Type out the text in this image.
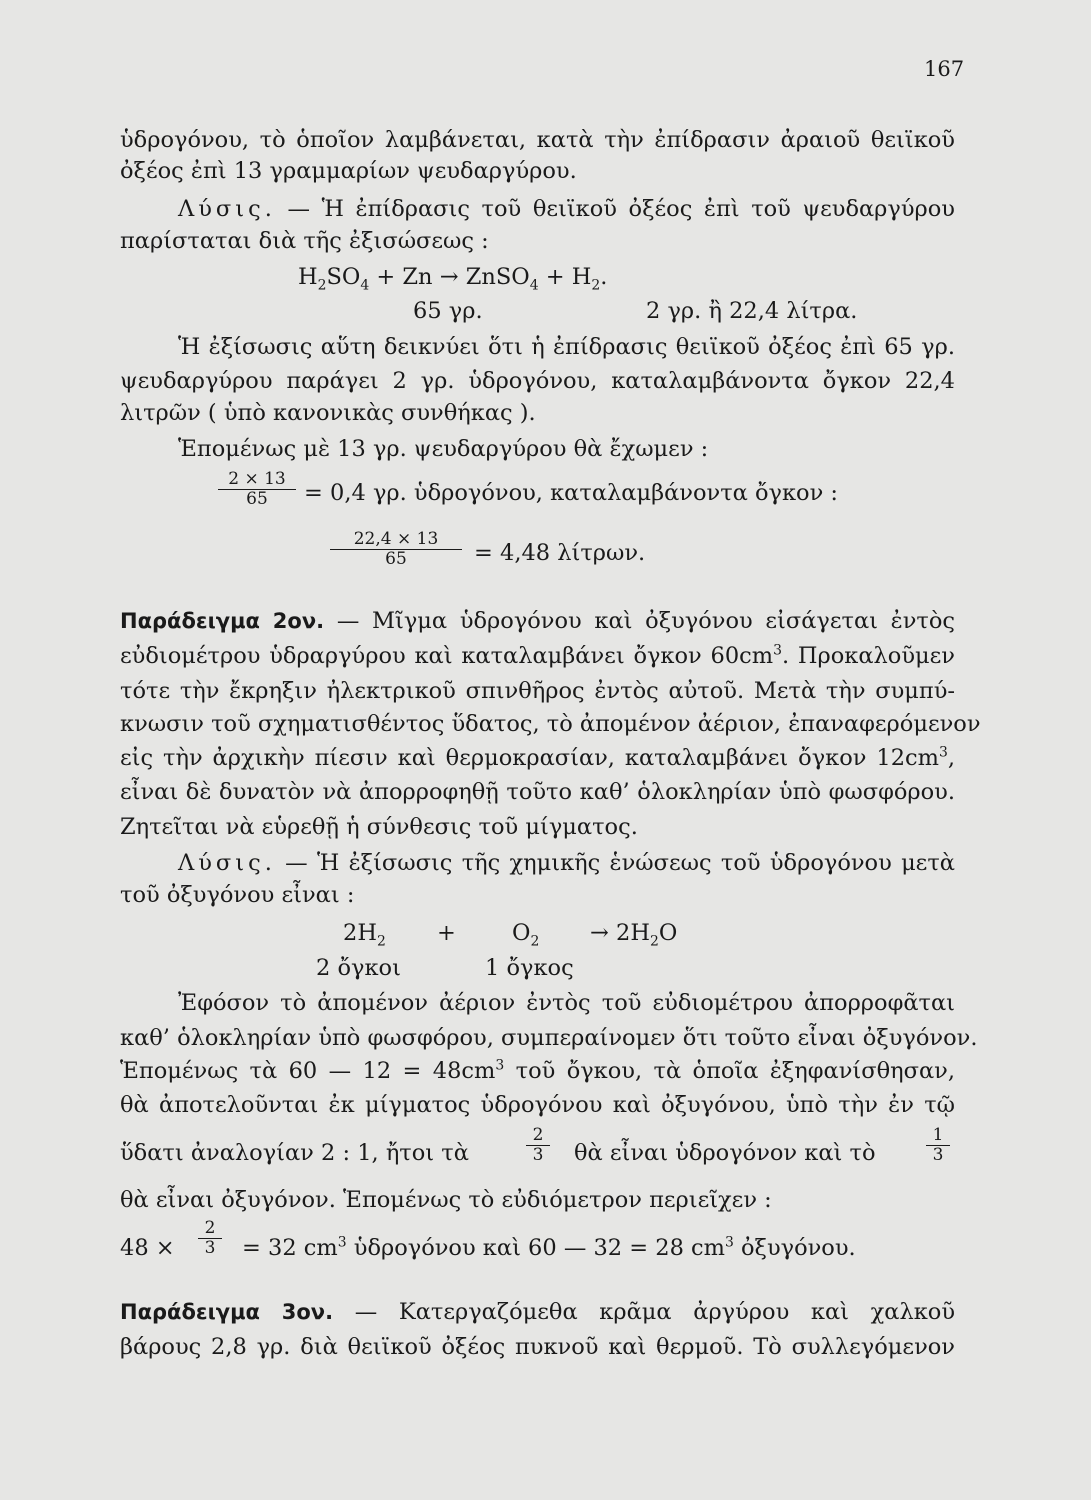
167
ὑδρογόνου, τὸ ὁποῖον λαμβάνεται, κατὰ τὴν ἐπίδρασιν ἀραιοῦ θειϊκοῦ
ὀξέος ἐπὶ 13 γραμμαρίων ψευδαργύρου.
Λύσις. — Ἡ ἐπίδρασις τοῦ θειϊκοῦ ὀξέος ἐπὶ τοῦ ψευδαργύρου
παρίσταται διὰ τῆς ἐξισώσεως :
$H_2SO_4 + Zn$ → ZnSO$_4$ + $H_2$.
65 γρ.	2 γρ. ἢ 22,4 λίτρα.
Ἡ ἐξίσωσις αὕτη δεικνύει ὅτι ἡ ἐπίδρασις θειϊκοῦ ὀξέος ἐπὶ 65 γρ.
ψευδαργύρου παράγει 2 γρ. ὑδρογόνου, καταλαμβάνοντα ὄγκον 22,4
λιτρῶν ( ὑπὸ κανονικὰς συνθήκας ).
Ἑπομένως μὲ 13 γρ. ψευδαργύρου θὰ ἔχωμεν :
$\frac{2 \times 13}{65} = 0,4$ γρ. ὑδρογόνου, καταλαμβάνοντα ὄγκον :
$\frac{22,4 \times 13}{65} = 4,48$ λίτρων.
Παράδειγμα 2ον. — Μῖγμα ὑδρογόνου καὶ ὀξυγόνου εἰσάγεται ἐντὸς
εὐδιομέτρου ὑδραργύρου καὶ καταλαμβάνει ὄγκον $60cm^3$. Προκαλοῦμεν
τότε τὴν ἔκρηξιν ἠλεκτρικοῦ σπινθῆρος ἐντὸς αὐτοῦ. Μετὰ τὴν συμπύ-
κνωσιν τοῦ σχηματισθέντος ὕδατος, τὸ ἀπομένον ἀέριον, ἐπαναφερόμενον
εἰς τὴν ἀρχικὴν πίεσιν καὶ θερμοκρασίαν, καταλαμβάνει ὄγκον $12cm^3$,
εἶναι δὲ δυνατὸν νὰ ἀπορροφηθῇ τοῦτο καθ’ ὁλοκληρίαν ὑπὸ φωσφόρου.
Ζητεῖται νὰ εὑρεθῇ ἡ σύνθεσις τοῦ μίγματος.
Λύσις. — Ἡ ἐξίσωσις τῆς χημικῆς ἑνώσεως τοῦ ὑδρογόνου μετὰ
τοῦ ὀξυγόνου εἶναι :
$2H_2 + O_2 \to 2H_2O$
2 ὄγκοι	1 ὄγκος
Ἐφόσον τὸ ἀπομένον ἀέριον ἐντὸς τοῦ εὐδιομέτρου ἀπορροφᾶται
καθ’ ὁλοκληρίαν ὑπὸ φωσφόρου, συμπεραίνομεν ὅτι τοῦτο εἶναι ὀξυγόνον.
Ἑπομένως τὰ 60 — $12 = 48cm^3$ τοῦ ὄγκου, τὰ ὁποῖα ἐξηφανίσθησαν,
θὰ ἀποτελοῦνται ἐκ μίγματος ὑδρογόνου καὶ ὀξυγόνου, ὑπὸ τὴν ἐν τῷ
ὕδατι ἀναλογίαν 2 : 1, ἤτοι τὰ	$\frac{2}{3}$ θὰ εἶναι ὑδρογόνον καὶ τὸ	$\frac{1}{3}$
θὰ εἶναι ὀξυγόνον. Ἑπομένως τὸ εὐδιόμετρον περιεῖχεν :
$48 \times \frac{2}{3} = 32$ $cm^3$ ὑδρογόνου καὶ 60 — 32 = 28 $cm^3$ ὀξυγόνου.
Παράδειγμα 3ον. — Κατεργαζόμεθα κρᾶμα ἀργύρου καὶ χαλκοῦ
βάρους 2,8 γρ. διὰ θειϊκοῦ ὀξέος πυκνοῦ καὶ θερμοῦ. Τὸ συλλεγόμενον
